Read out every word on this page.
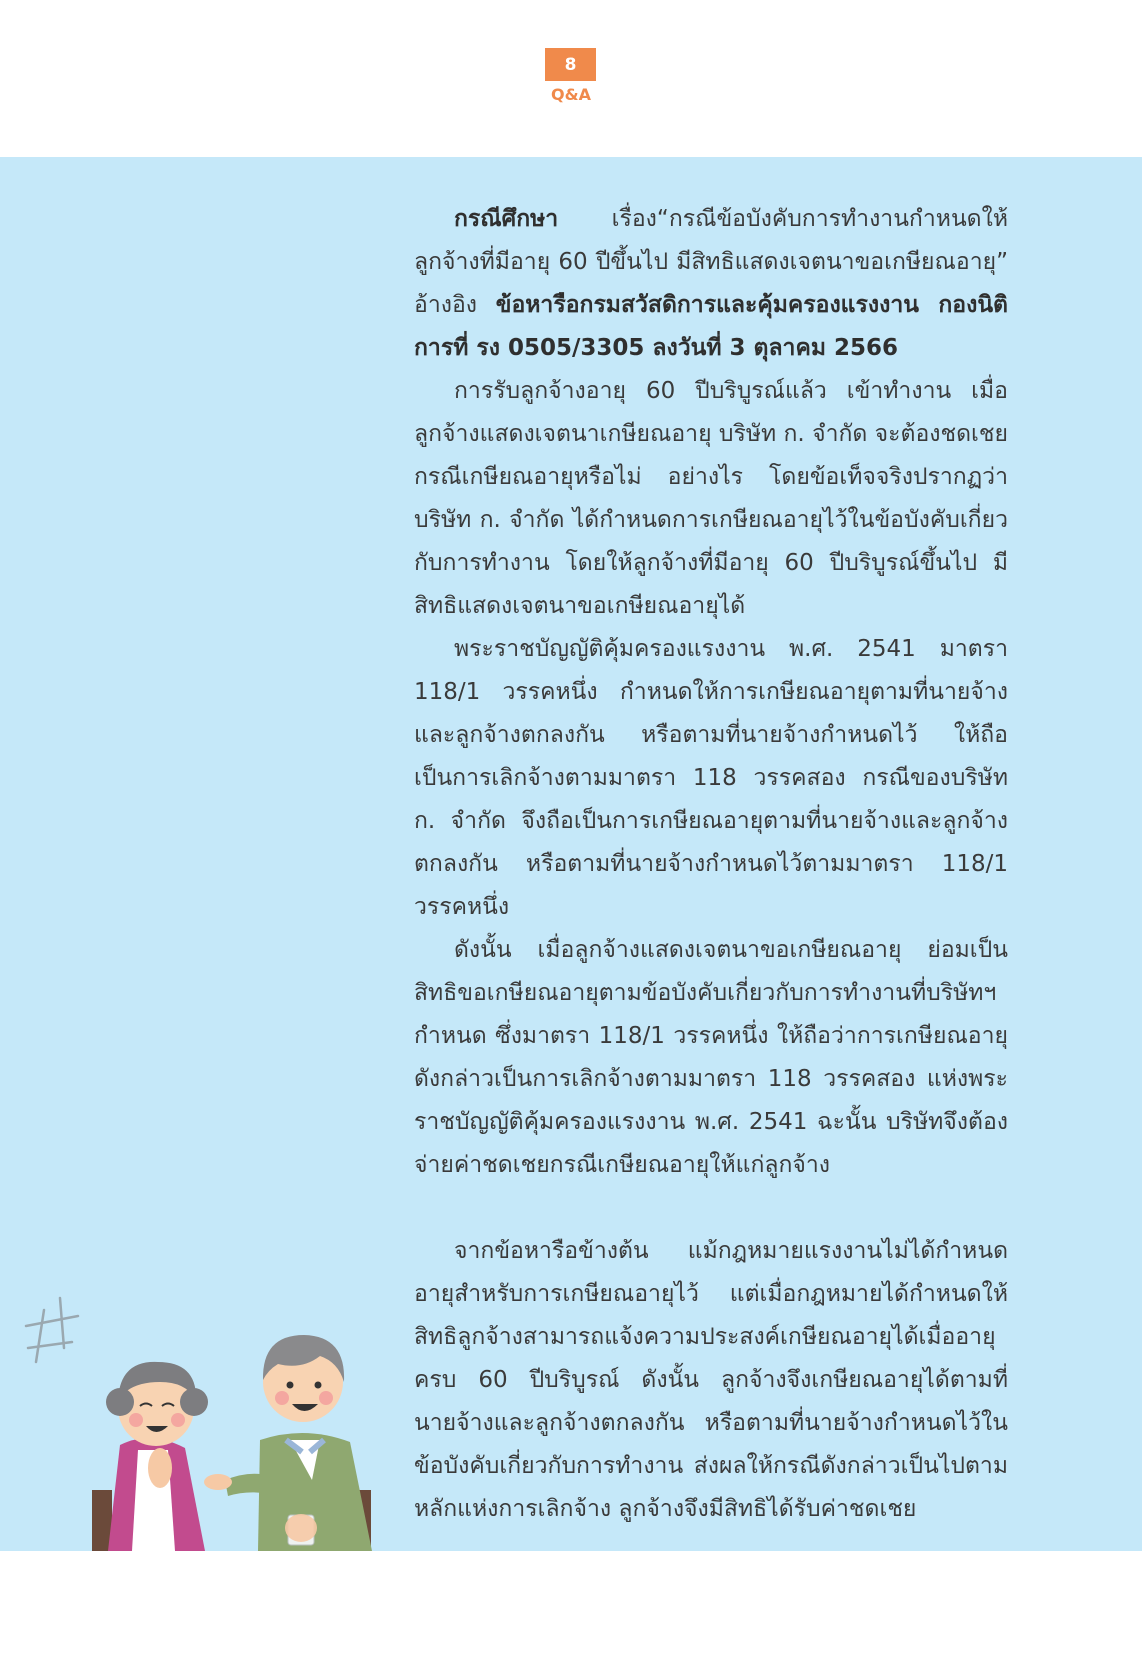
8
Q&A

กรณีศึกษา เรื่อง“กรณีข้อบังคับการทำงานกำหนดให้ลูกจ้างที่มีอายุ 60 ปีขึ้นไป มีสิทธิแสดงเจตนาขอเกษียณอายุ” อ้างอิง ข้อหารือกรมสวัสดิการและคุ้มครองแรงงาน กองนิติการที่ รง 0505/3305 ลงวันที่ 3 ตุลาคม 2566

การรับลูกจ้างอายุ 60 ปีบริบูรณ์แล้ว เข้าทำงาน เมื่อลูกจ้างแสดงเจตนาเกษียณอายุ บริษัท ก. จำกัด จะต้องชดเชยกรณีเกษียณอายุหรือไม่ อย่างไร โดยข้อเท็จจริงปรากฏว่า บริษัท ก. จำกัด ได้กำหนดการเกษียณอายุไว้ในข้อบังคับเกี่ยวกับการทำงาน โดยให้ลูกจ้างที่มีอายุ 60 ปีบริบูรณ์ขึ้นไป มีสิทธิแสดงเจตนาขอเกษียณอายุได้

พระราชบัญญัติคุ้มครองแรงงาน พ.ศ. 2541 มาตรา 118/1 วรรคหนึ่ง กำหนดให้การเกษียณอายุตามที่นายจ้างและลูกจ้างตกลงกัน หรือตามที่นายจ้างกำหนดไว้ ให้ถือเป็นการเลิกจ้างตามมาตรา 118 วรรคสอง กรณีของบริษัท ก. จำกัด จึงถือเป็นการเกษียณอายุตามที่นายจ้างและลูกจ้างตกลงกัน หรือตามที่นายจ้างกำหนดไว้ตามมาตรา 118/1 วรรคหนึ่ง

ดังนั้น เมื่อลูกจ้างแสดงเจตนาขอเกษียณอายุ ย่อมเป็นสิทธิขอเกษียณอายุตามข้อบังคับเกี่ยวกับการทำงานที่บริษัทฯ กำหนด ซึ่งมาตรา 118/1 วรรคหนึ่ง ให้ถือว่าการเกษียณอายุดังกล่าวเป็นการเลิกจ้างตามมาตรา 118 วรรคสอง แห่งพระราชบัญญัติคุ้มครองแรงงาน พ.ศ. 2541 ฉะนั้น บริษัทจึงต้องจ่ายค่าชดเชยกรณีเกษียณอายุให้แก่ลูกจ้าง

จากข้อหารือข้างต้น แม้กฎหมายแรงงานไม่ได้กำหนดอายุสำหรับการเกษียณอายุไว้ แต่เมื่อกฎหมายได้กำหนดให้สิทธิลูกจ้างสามารถแจ้งความประสงค์เกษียณอายุได้เมื่ออายุครบ 60 ปีบริบูรณ์ ดังนั้น ลูกจ้างจึงเกษียณอายุได้ตามที่นายจ้างและลูกจ้างตกลงกัน หรือตามที่นายจ้างกำหนดไว้ในข้อบังคับเกี่ยวกับการทำงาน ส่งผลให้กรณีดังกล่าวเป็นไปตามหลักแห่งการเลิกจ้าง ลูกจ้างจึงมีสิทธิได้รับค่าชดเชย
